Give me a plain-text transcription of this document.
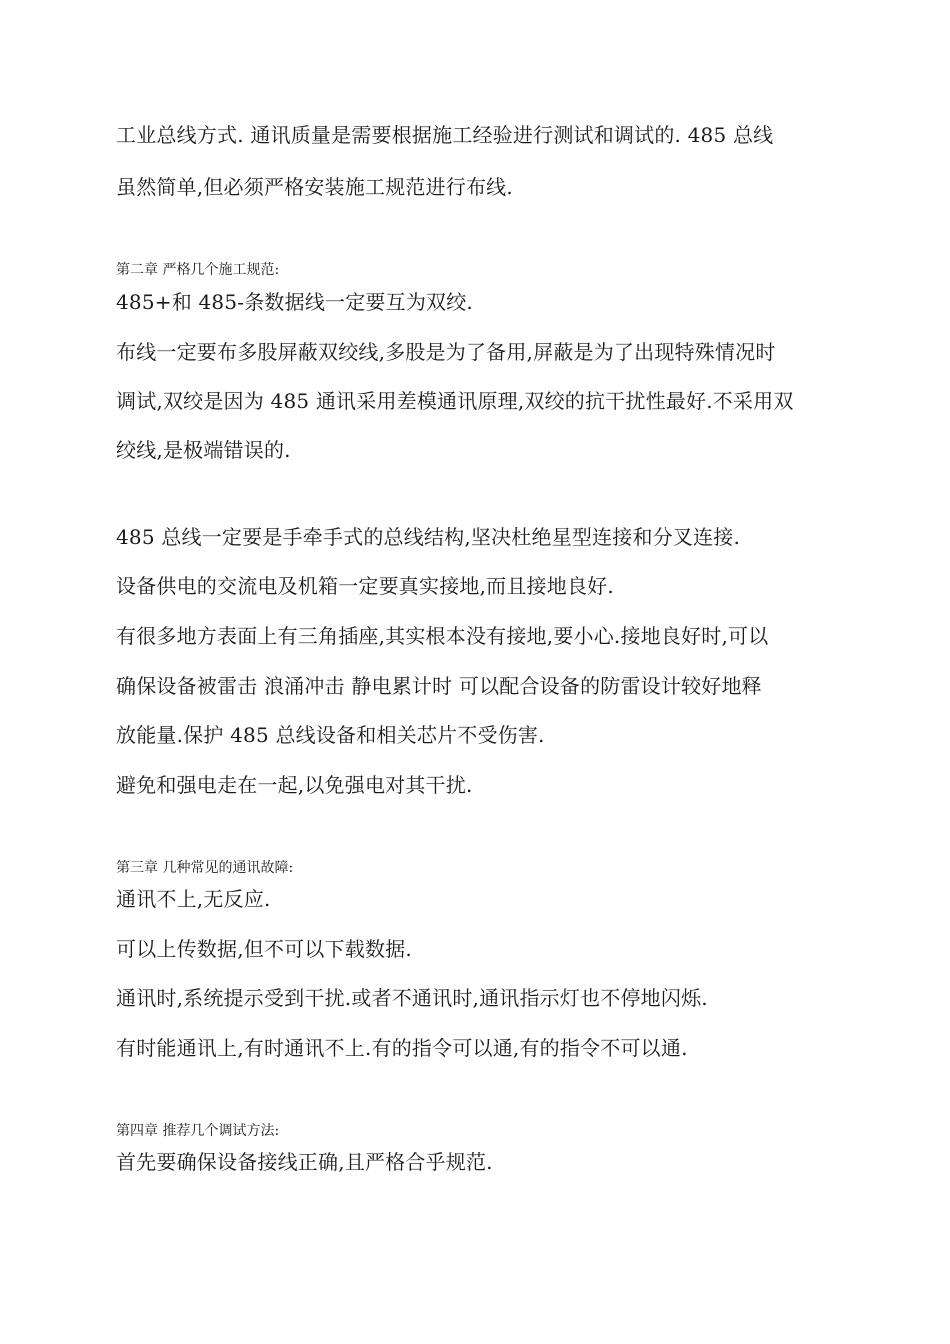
工业总线方式. 通讯质量是需要根据施工经验进行测试和调试的. 485 总线
虽然简单,但必须严格安装施工规范进行布线.
第二章 严格几个施工规范:
485+和 485-条数据线一定要互为双绞.
布线一定要布多股屏蔽双绞线,多股是为了备用,屏蔽是为了出现特殊情况时
调试,双绞是因为 485 通讯采用差模通讯原理,双绞的抗干扰性最好.不采用双
绞线,是极端错误的.
485 总线一定要是手牵手式的总线结构,坚决杜绝星型连接和分叉连接.
设备供电的交流电及机箱一定要真实接地,而且接地良好.
有很多地方表面上有三角插座,其实根本没有接地,要小心.接地良好时,可以
确保设备被雷击 浪涌冲击 静电累计时 可以配合设备的防雷设计较好地释
放能量.保护 485 总线设备和相关芯片不受伤害.
避免和强电走在一起,以免强电对其干扰.
第三章 几种常见的通讯故障:
通讯不上,无反应.
可以上传数据,但不可以下载数据.
通讯时,系统提示受到干扰.或者不通讯时,通讯指示灯也不停地闪烁.
有时能通讯上,有时通讯不上.有的指令可以通,有的指令不可以通.
第四章 推荐几个调试方法:
首先要确保设备接线正确,且严格合乎规范.
